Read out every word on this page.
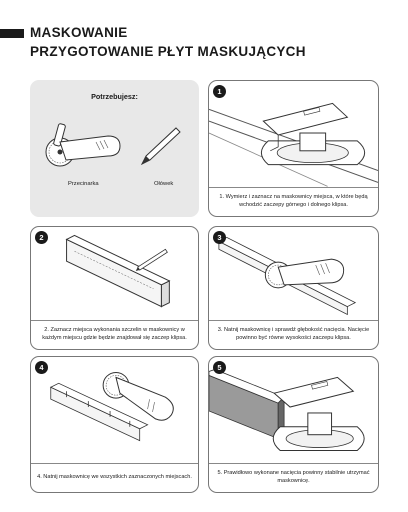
MASKOWANIE
PRZYGOTOWANIE PŁYT MASKUJĄCYCH
Potrzebujesz:
Przecinarka	Ołówek
1
1. Wymierz i zaznacz na maskownicy miejsca, w które będą wchodzić zaczepy górnego i dolnego klipsa.
2
2. Zaznacz miejsca wykonania szczelin w maskownicy w każdym miejscu gdzie będzie znajdował się zaczep klipsa.
3
3. Natnij maskownicę i sprawdź głębokość nacięcia. Nacięcie powinno być równe wysokości zaczepu klipsa.
4
4. Natnij maskownicę we wszystkich zaznaczonych miejscach.
5
5. Prawidłowo wykonane nacięcia powinny stabilnie utrzymać maskownicę.
